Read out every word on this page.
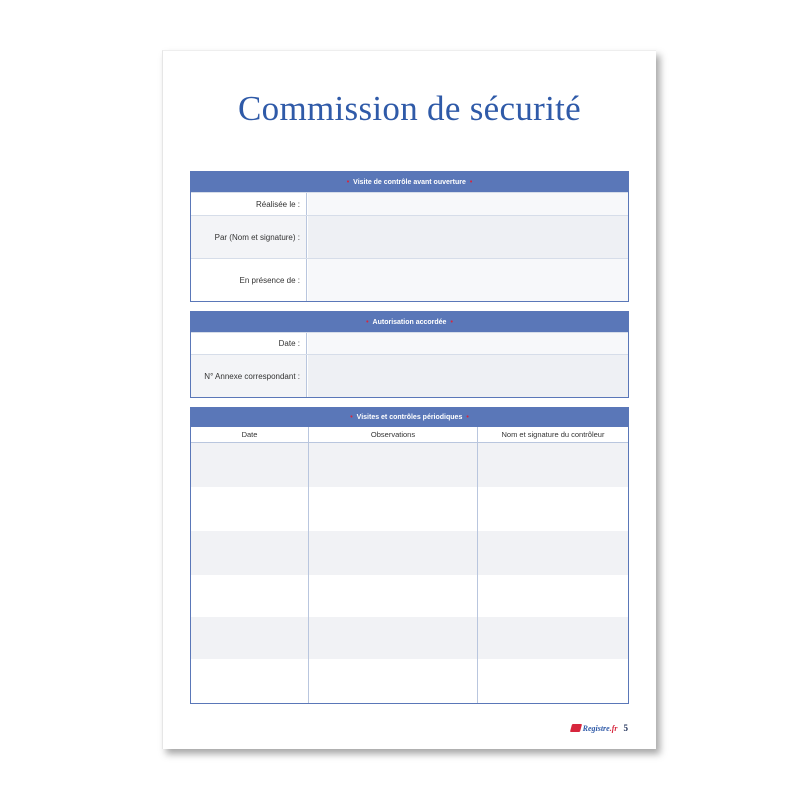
Commission de sécurité
• Visite de contrôle avant ouverture •
Réalisée le :
Par (Nom et signature) :
En présence de :
• Autorisation accordée •
Date :
N° Annexe correspondant :
• Visites et contrôles périodiques •
Date	Observations	Nom et signature du contrôleur
Registre.fr 5
